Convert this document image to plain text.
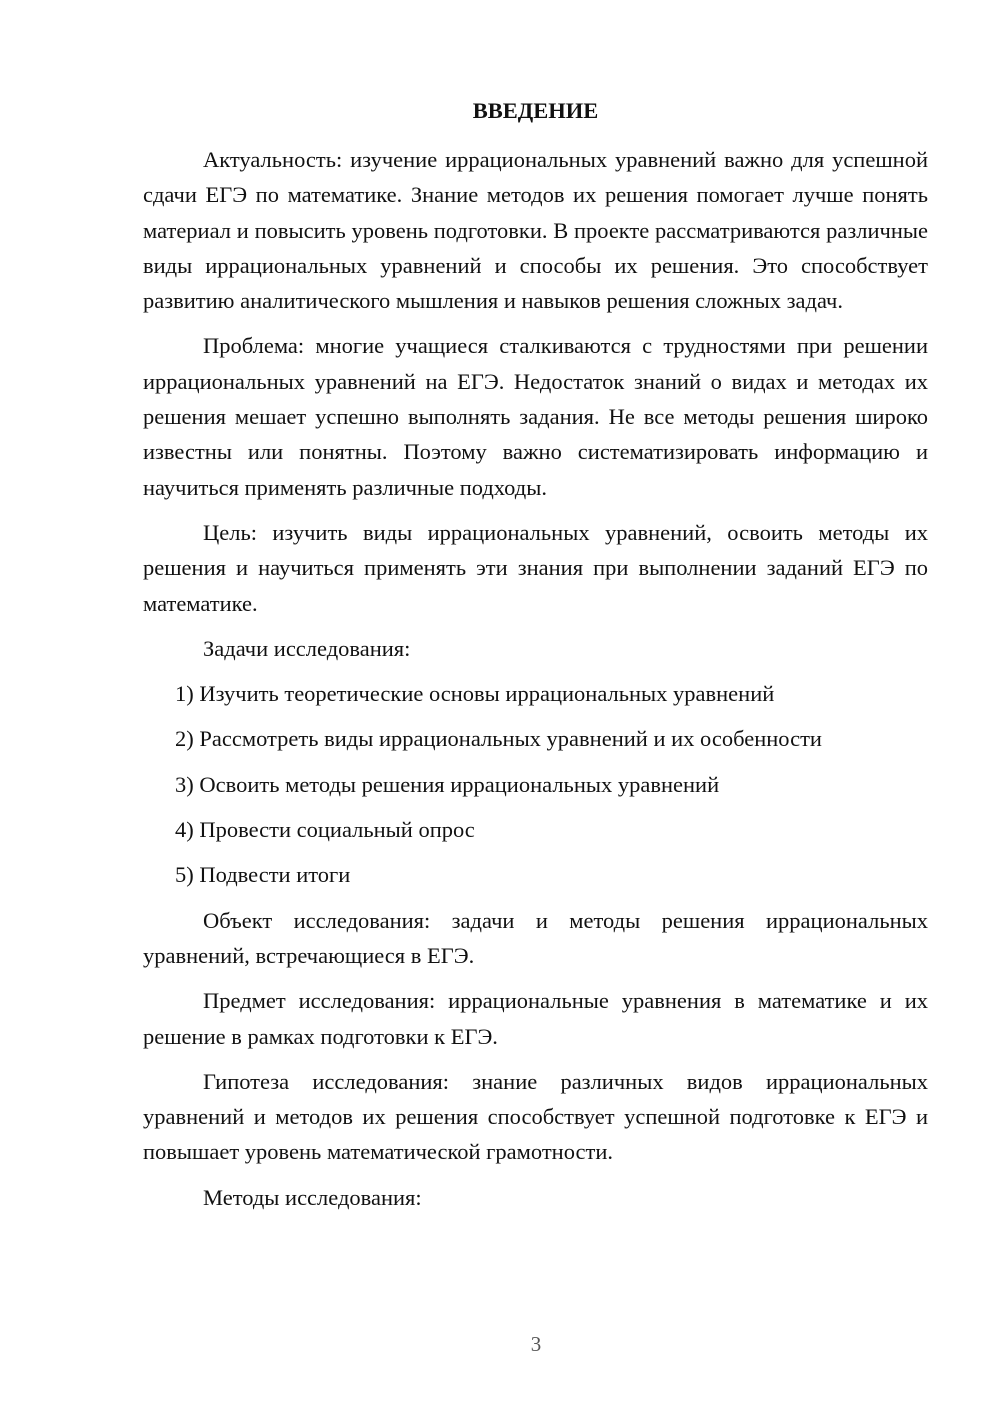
ВВЕДЕНИЕ

Актуальность: изучение иррациональных уравнений важно для успешной сдачи ЕГЭ по математике. Знание методов их решения помогает лучше понять материал и повысить уровень подготовки. В проекте рассматриваются различные виды иррациональных уравнений и способы их решения. Это способствует развитию аналитического мышления и навыков решения сложных задач.

Проблема: многие учащиеся сталкиваются с трудностями при решении иррациональных уравнений на ЕГЭ. Недостаток знаний о видах и методах их решения мешает успешно выполнять задания. Не все методы решения широко известны или понятны. Поэтому важно систематизировать информацию и научиться применять различные подходы.

Цель: изучить виды иррациональных уравнений, освоить методы их решения и научиться применять эти знания при выполнении заданий ЕГЭ по математике.

Задачи исследования:

1) Изучить теоретические основы иррациональных уравнений
2) Рассмотреть виды иррациональных уравнений и их особенности
3) Освоить методы решения иррациональных уравнений
4) Провести социальный опрос
5) Подвести итоги

Объект исследования: задачи и методы решения иррациональных уравнений, встречающиеся в ЕГЭ.

Предмет исследования: иррациональные уравнения в математике и их решение в рамках подготовки к ЕГЭ.

Гипотеза исследования: знание различных видов иррациональных уравнений и методов их решения способствует успешной подготовке к ЕГЭ и повышает уровень математической грамотности.

Методы исследования:

3
